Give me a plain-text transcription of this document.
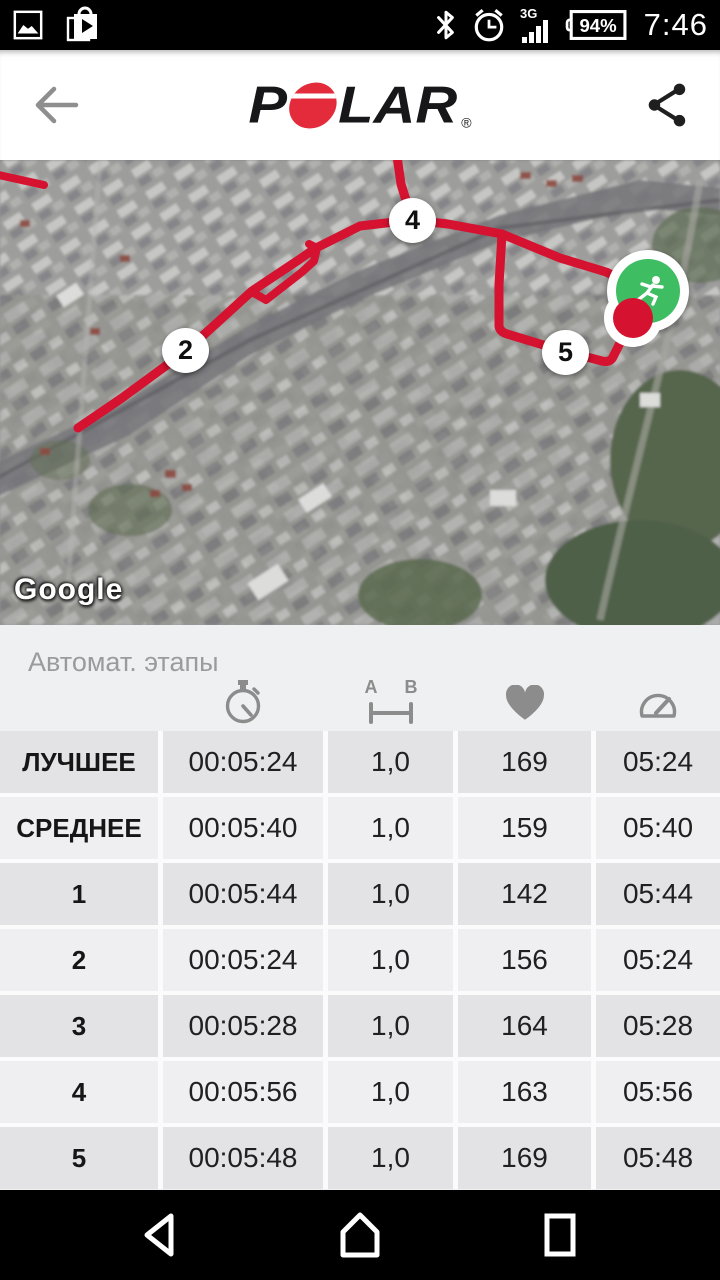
3G
94% 7:46
P LAR ®
2
4
5
Google
Автомат. этапы
A B
ЛУЧШЕЕ	00:05:24	1,0	169	05:24
СРЕДНЕЕ	00:05:40	1,0	159	05:40
1	00:05:44	1,0	142	05:44
2	00:05:24	1,0	156	05:24
3	00:05:28	1,0	164	05:28
4	00:05:56	1,0	163	05:56
5	00:05:48	1,0	169	05:48
